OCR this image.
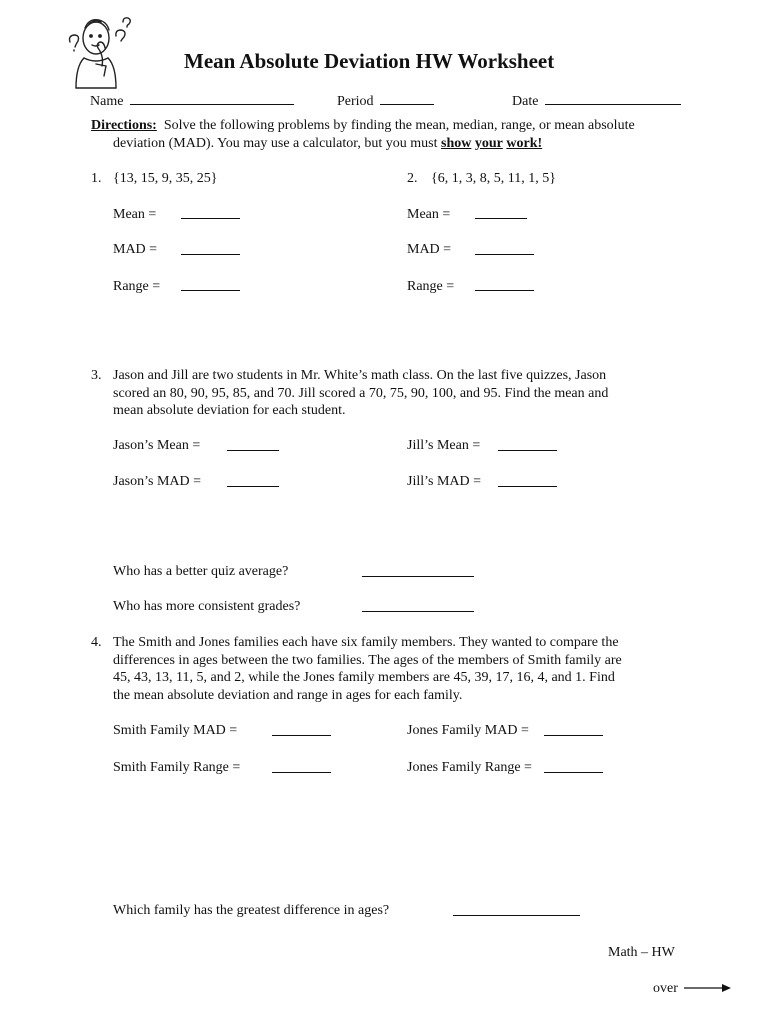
Mean Absolute Deviation HW Worksheet
Name	Period	Date
Directions: Solve the following problems by finding the mean, median, range, or mean absolute
deviation (MAD). You may use a calculator, but you must show your work!
1. {13, 15, 9, 35, 25}
Mean =
MAD =
Range =
2. {6, 1, 3, 8, 5, 11, 1, 5}
Mean =
MAD =
Range =
3. Jason and Jill are two students in Mr. White’s math class. On the last five quizzes, Jason
scored an 80, 90, 95, 85, and 70. Jill scored a 70, 75, 90, 100, and 95. Find the mean and
mean absolute deviation for each student.
Jason’s Mean =	Jill’s Mean =
Jason’s MAD =	Jill’s MAD =
Who has a better quiz average?
Who has more consistent grades?
4. The Smith and Jones families each have six family members. They wanted to compare the
differences in ages between the two families. The ages of the members of Smith family are
45, 43, 13, 11, 5, and 2, while the Jones family members are 45, 39, 17, 16, 4, and 1. Find
the mean absolute deviation and range in ages for each family.
Smith Family MAD =	Jones Family MAD =
Smith Family Range =	Jones Family Range =
Which family has the greatest difference in ages?
Math – HW
over
